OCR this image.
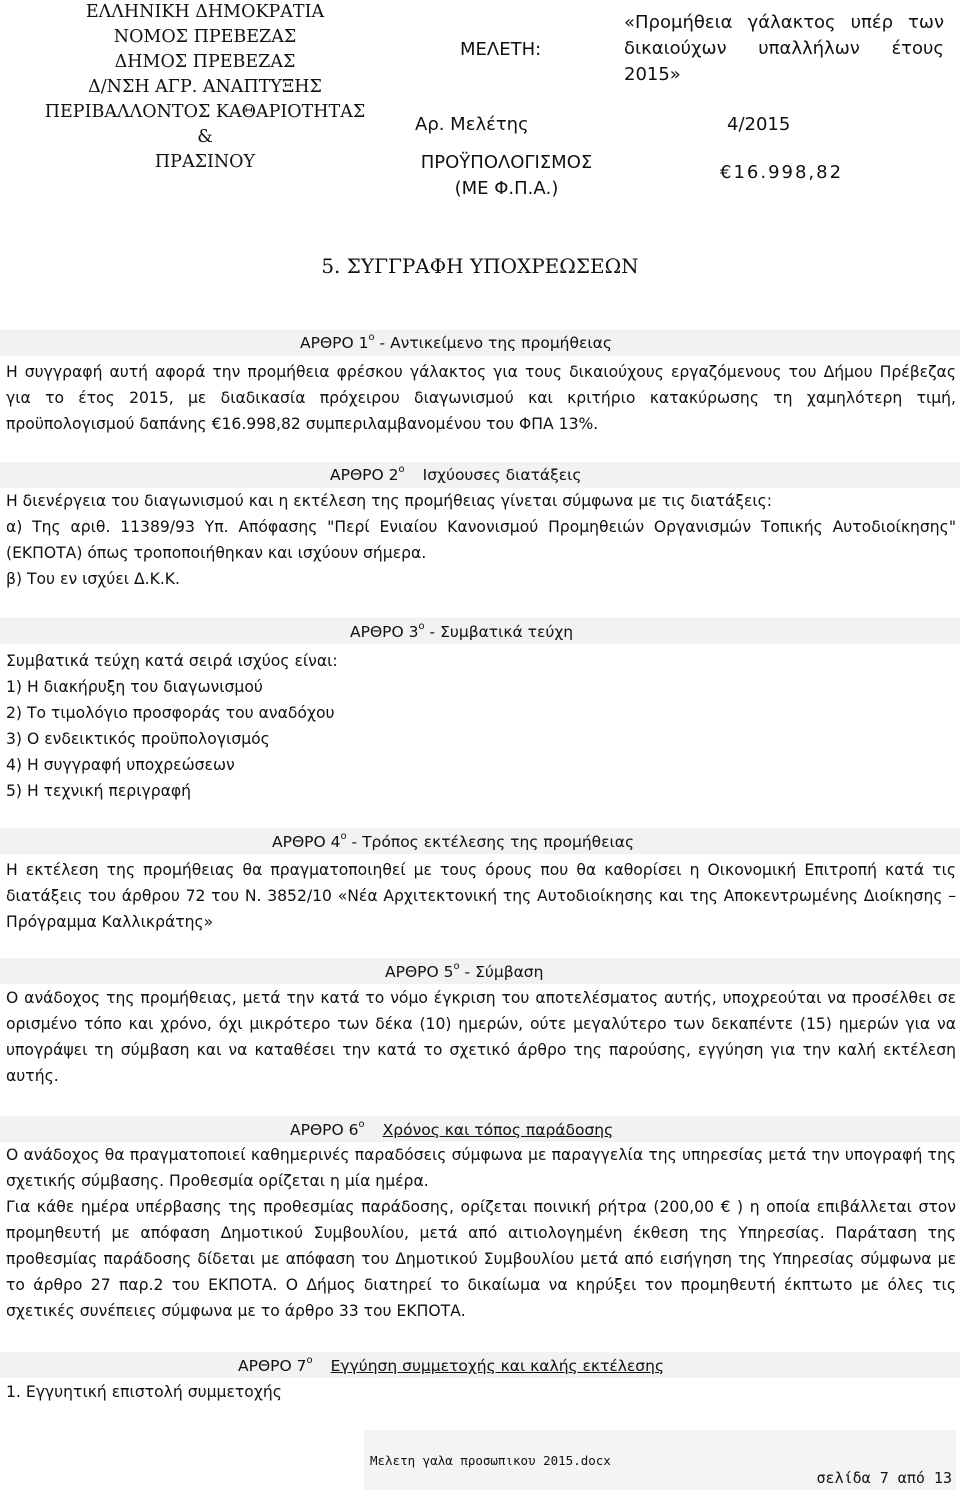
ΕΛΛΗΝΙΚΗ ΔΗΜΟΚΡΑΤΙΑ
ΝΟΜΟΣ ΠΡΕΒΕΖΑΣ
ΔΗΜΟΣ ΠΡΕΒΕΖΑΣ
Δ/ΝΣΗ ΑΓΡ. ΑΝΑΠΤΥΞΗΣ
ΠΕΡΙΒΑΛΛΟΝΤΟΣ ΚΑΘΑΡΙΟΤΗΤΑΣ &
ΠΡΑΣΙΝΟΥ
ΜΕΛΕΤΗ:
«Προμήθεια γάλακτος υπέρ των
δικαιούχων υπαλλήλων έτους
2015»
Αρ. Μελέτης	4/2015
ΠΡΟΫΠΟΛΟΓΙΣΜΟΣ
(ΜΕ Φ.Π.Α.)
€16.998,82
5. ΣΥΓΓΡΑΦΗ ΥΠΟΧΡΕΩΣΕΩΝ
ΑΡΘΡΟ $1^o$ - Αντικείμενο της προμήθειας

Η συγγραφή αυτή αφορά την προμήθεια φρέσκου γάλακτος για τους δικαιούχους εργαζόμενους του Δήμου Πρέβεζας για το έτος 2015, με διαδικασία πρόχειρου διαγωνισμού και κριτήριο κατακύρωσης τη χαμηλότερη τιμή, προϋπολογισμού δαπάνης €16.998,82 συμπεριλαμβανομένου του ΦΠΑ 13%.

ΑΡΘΡΟ $2^o$ Ισχύουσες διατάξεις

Η διενέργεια του διαγωνισμού και η εκτέλεση της προμήθειας γίνεται σύμφωνα με τις διατάξεις:

α) Της αριθ. 11389/93 Υπ. Απόφασης "Περί Ενιαίου Κανονισμού Προμηθειών Οργανισμών Τοπικής Αυτοδιοίκησης" (ΕΚΠΟΤΑ) όπως τροποποιήθηκαν και ισχύουν σήμερα.

β) Του εν ισχύει Δ.Κ.Κ.

ΑΡΘΡΟ $3^o$ - Συμβατικά τεύχη
Συμβατικά τεύχη κατά σειρά ισχύος είναι:
1) Η διακήρυξη του διαγωνισμού
2) Το τιμολόγιο προσφοράς του αναδόχου
3) Ο ενδεικτικός προϋπολογισμός
4) Η συγγραφή υποχρεώσεων
5) Η τεχνική περιγραφή
ΑΡΘΡΟ $4^o$ - Τρόπος εκτέλεσης της προμήθειας

Η εκτέλεση της προμήθειας θα πραγματοποιηθεί με τους όρους που θα καθορίσει η Οικονομική Επιτροπή κατά τις διατάξεις του άρθρου 72 του Ν. 3852/10 «Νέα Αρχιτεκτονική της Αυτοδιοίκησης και της Αποκεντρωμένης Διοίκησης – Πρόγραμμα Καλλικράτης»

ΑΡΘΡΟ $5^o$ - Σύμβαση

Ο ανάδοχος της προμήθειας, μετά την κατά το νόμο έγκριση του αποτελέσματος αυτής, υποχρεούται να προσέλθει σε ορισμένο τόπο και χρόνο, όχι μικρότερο των δέκα (10) ημερών, ούτε μεγαλύτερο των δεκαπέντε (15) ημερών για να υπογράψει τη σύμβαση και να καταθέσει την κατά το σχετικό άρθρο της παρούσης, εγγύηση για την καλή εκτέλεση αυτής.

ΑΡΘΡΟ $6^o$ Χρόνος και τόπος παράδοσης

Ο ανάδοχος θα πραγματοποιεί καθημερινές παραδόσεις σύμφωνα με παραγγελία της υπηρεσίας μετά την υπογραφή της σχετικής σύμβασης. Προθεσμία ορίζεται η μία ημέρα.

Για κάθε ημέρα υπέρβασης της προθεσμίας παράδοσης, ορίζεται ποινική ρήτρα (200,00 € ) η οποία επιβάλλεται στον προμηθευτή με απόφαση Δημοτικού Συμβουλίου, μετά από αιτιολογημένη έκθεση της Υπηρεσίας. Παράταση της προθεσμίας παράδοσης δίδεται με απόφαση του Δημοτικού Συμβουλίου μετά από εισήγηση της Υπηρεσίας σύμφωνα με το άρθρο 27 παρ.2 του ΕΚΠΟΤΑ. Ο Δήμος διατηρεί το δικαίωμα να κηρύξει τον προμηθευτή έκπτωτο με όλες τις σχετικές συνέπειες σύμφωνα με το άρθρο 33 του ΕΚΠΟΤΑ.

ΑΡΘΡΟ $7^o$ Εγγύηση συμμετοχής και καλής εκτέλεσης
1. Εγγυητική επιστολή συμμετοχής
Μελετη γαλα προσωπικου 2015.docx
σελίδα 7 από 13
